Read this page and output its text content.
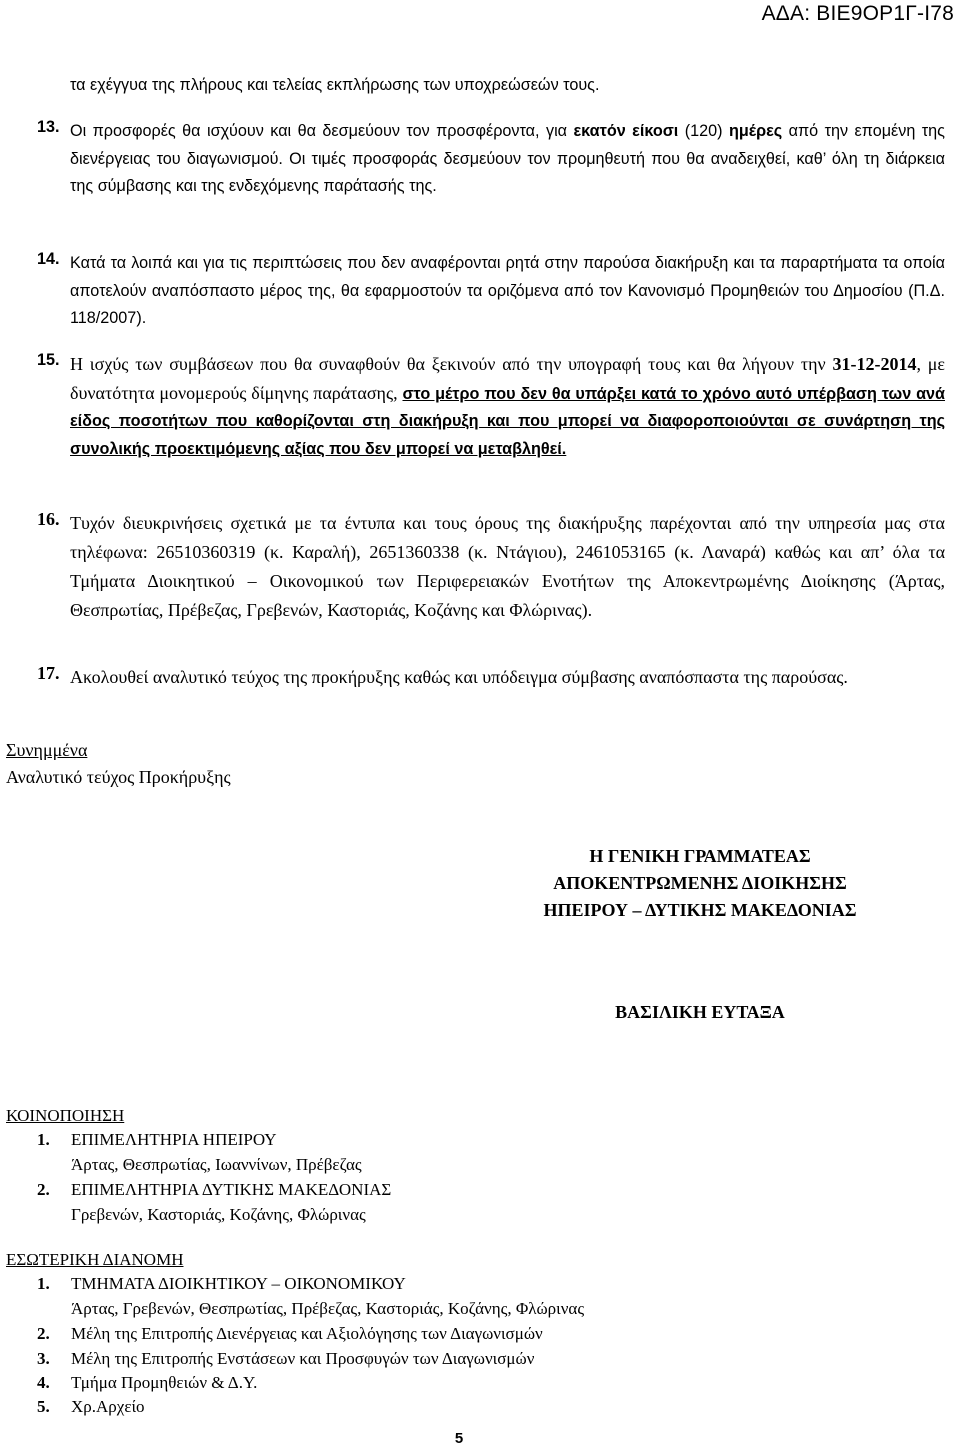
ΑΔΑ: ΒΙΕ9ΟΡ1Γ-Ι78
τα εχέγγυα της πλήρους και τελείας εκπλήρωσης των υποχρεώσεών τους.
13. Οι προσφορές θα ισχύουν και θα δεσμεύουν τον προσφέροντα, για εκατόν είκοσι (120) ημέρες από την επομένη της διενέργειας του διαγωνισμού. Οι τιμές προσφοράς δεσμεύουν τον προμηθευτή που θα αναδειχθεί, καθ’ όλη τη διάρκεια της σύμβασης και της ενδεχόμενης παράτασής της.
14. Κατά τα λοιπά και για τις περιπτώσεις που δεν αναφέρονται ρητά στην παρούσα διακήρυξη και τα παραρτήματα τα οποία αποτελούν αναπόσπαστο μέρος της, θα εφαρμοστούν τα οριζόμενα από τον Κανονισμό Προμηθειών του Δημοσίου (Π.Δ. 118/2007).
15. Η ισχύς των συμβάσεων που θα συναφθούν θα ξεκινούν από την υπογραφή τους και θα λήγουν την 31-12-2014, με δυνατότητα μονομερούς δίμηνης παράτασης, στο μέτρο που δεν θα υπάρξει κατά το χρόνο αυτό υπέρβαση των ανά είδος ποσοτήτων που καθορίζονται στη διακήρυξη και που μπορεί να διαφοροποιούνται σε συνάρτηση της συνολικής προεκτιμόμενης αξίας που δεν μπορεί να μεταβληθεί.
16. Τυχόν διευκρινήσεις σχετικά με τα έντυπα και τους όρους της διακήρυξης παρέχονται από την υπηρεσία μας στα τηλέφωνα: 26510360319 (κ. Καραλή), 2651360338 (κ. Ντάγιου), 2461053165 (κ. Λαναρά) καθώς και απ’ όλα τα Τμήματα Διοικητικού – Οικονομικού των Περιφερειακών Ενοτήτων της Αποκεντρωμένης Διοίκησης (Άρτας, Θεσπρωτίας, Πρέβεζας, Γρεβενών, Καστοριάς, Κοζάνης και Φλώρινας).
17. Ακολουθεί αναλυτικό τεύχος της προκήρυξης καθώς και υπόδειγμα σύμβασης αναπόσπαστα της παρούσας.
Συνημμένα
Αναλυτικό τεύχος Προκήρυξης
Η ΓΕΝΙΚΗ ΓΡΑΜΜΑΤΕΑΣ
ΑΠΟΚΕΝΤΡΩΜΕΝΗΣ ΔΙΟΙΚΗΣΗΣ
ΗΠΕΙΡΟΥ – ΔΥΤΙΚΗΣ ΜΑΚΕΔΟΝΙΑΣ
ΒΑΣΙΛΙΚΗ ΕΥΤΑΞΑ
ΚΟΙΝΟΠΟΙΗΣΗ
1. ΕΠΙΜΕΛΗΤΗΡΙΑ ΗΠΕΙΡΟΥ
Άρτας, Θεσπρωτίας, Ιωαννίνων, Πρέβεζας
2. ΕΠΙΜΕΛΗΤΗΡΙΑ ΔΥΤΙΚΗΣ ΜΑΚΕΔΟΝΙΑΣ
Γρεβενών, Καστοριάς, Κοζάνης, Φλώρινας
ΕΣΩΤΕΡΙΚΗ ΔΙΑΝΟΜΗ
1. ΤΜΗΜΑΤΑ ΔΙΟΙΚΗΤΙΚΟΥ – ΟΙΚΟΝΟΜΙΚΟΥ
Άρτας, Γρεβενών, Θεσπρωτίας, Πρέβεζας, Καστοριάς, Κοζάνης, Φλώρινας
2. Μέλη της Επιτροπής Διενέργειας και Αξιολόγησης των Διαγωνισμών
3. Μέλη της Επιτροπής Ενστάσεων και Προσφυγών των Διαγωνισμών
4. Τμήμα Προμηθειών & Δ.Υ.
5. Χρ.Αρχείο
5
